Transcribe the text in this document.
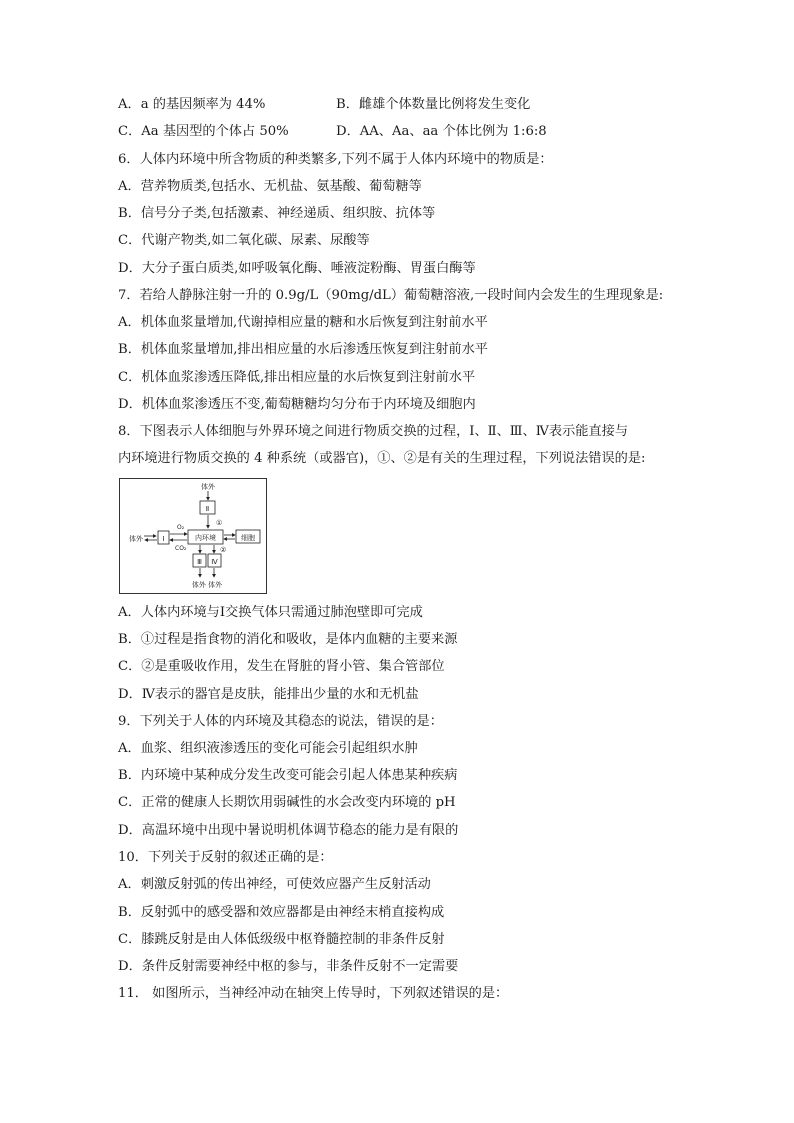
A．a 的基因频率为 44%	B．雌雄个体数量比例将发生变化
C．Aa 基因型的个体占 50%	D．AA、Aa、aa 个体比例为 1:6:8
6．人体内环境中所含物质的种类繁多,下列不属于人体内环境中的物质是：
A．营养物质类,包括水、无机盐、氨基酸、葡萄糖等
B．信号分子类,包括激素、神经递质、组织胺、抗体等
C．代谢产物类,如二氧化碳、尿素、尿酸等
D．大分子蛋白质类,如呼吸氧化酶、唾液淀粉酶、胃蛋白酶等
7．若给人静脉注射一升的 0.9g/L（90mg/dL）葡萄糖溶液,一段时间内会发生的生理现象是:
A．机体血浆量增加,代谢掉相应量的糖和水后恢复到注射前水平
B．机体血浆量增加,排出相应量的水后渗透压恢复到注射前水平
C．机体血浆渗透压降低,排出相应量的水后恢复到注射前水平
D．机体血浆渗透压不变,葡萄糖糖均匀分布于内环境及细胞内
8．下图表示人体细胞与外界环境之间进行物质交换的过程，Ⅰ、Ⅱ、Ⅲ、Ⅳ表示能直接与
内环境进行物质交换的 4 种系统（或器官)，①、②是有关的生理过程，下列说法错误的是:
体外
Ⅱ
①
体外	Ⅰ
O₂
CO₂
内环境	细胞
②
Ⅲ Ⅳ
体外 体外
A．人体内环境与Ⅰ交换气体只需通过肺泡壁即可完成
B．①过程是指食物的消化和吸收，是体内血糖的主要来源
C．②是重吸收作用，发生在肾脏的肾小管、集合管部位
D．Ⅳ表示的器官是皮肤，能排出少量的水和无机盐
9．下列关于人体的内环境及其稳态的说法，错误的是：
A．血浆、组织液渗透压的变化可能会引起组织水肿
B．内环境中某种成分发生改变可能会引起人体患某种疾病
C．正常的健康人长期饮用弱碱性的水会改变内环境的 pH
D．高温环境中出现中暑说明机体调节稳态的能力是有限的
10．下列关于反射的叙述正确的是：
A．刺激反射弧的传出神经，可使效应器产生反射活动
B．反射弧中的感受器和效应器都是由神经末梢直接构成
C．膝跳反射是由人体低级级中枢脊髓控制的非条件反射
D．条件反射需要神经中枢的参与，非条件反射不一定需要
11． 如图所示，当神经冲动在轴突上传导时，下列叙述错误的是：
